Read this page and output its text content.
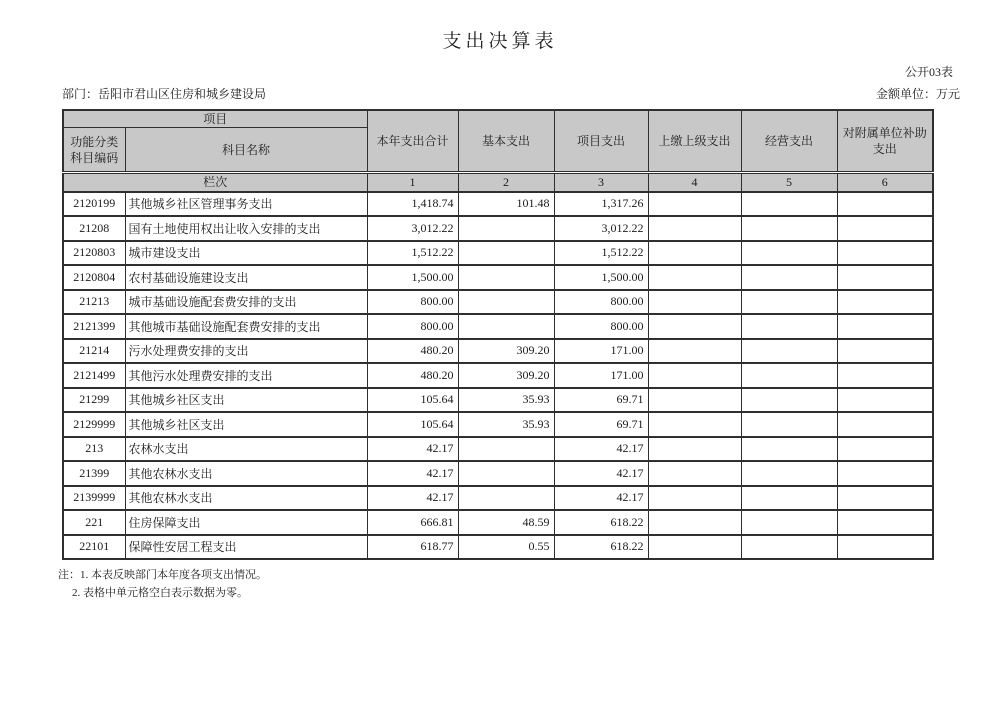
支出决算表
公开03表
部门：岳阳市君山区住房和城乡建设局	金额单位：万元
项目		本年支出合计	基本支出	项目支出	上缴上级支出	经营支出	对附属单位补助支出
功能分类科目编码	科目名称						
栏次		1	2	3	4	5	6
2120199	其他城乡社区管理事务支出	1,418.74	101.48	1,317.26			
21208	国有土地使用权出让收入安排的支出	3,012.22		3,012.22			
2120803	城市建设支出	1,512.22		1,512.22			
2120804	农村基础设施建设支出	1,500.00		1,500.00			
21213	城市基础设施配套费安排的支出	800.00		800.00			
2121399	其他城市基础设施配套费安排的支出	800.00		800.00			
21214	污水处理费安排的支出	480.20	309.20	171.00			
2121499	其他污水处理费安排的支出	480.20	309.20	171.00			
21299	其他城乡社区支出	105.64	35.93	69.71			
2129999	其他城乡社区支出	105.64	35.93	69.71			
213	农林水支出	42.17		42.17			
21399	其他农林水支出	42.17		42.17			
2139999	其他农林水支出	42.17		42.17			
221	住房保障支出	666.81	48.59	618.22			
22101	保障性安居工程支出	618.77	0.55	618.22			
注：1. 本表反映部门本年度各项支出情况。
2. 表格中单元格空白表示数据为零。
